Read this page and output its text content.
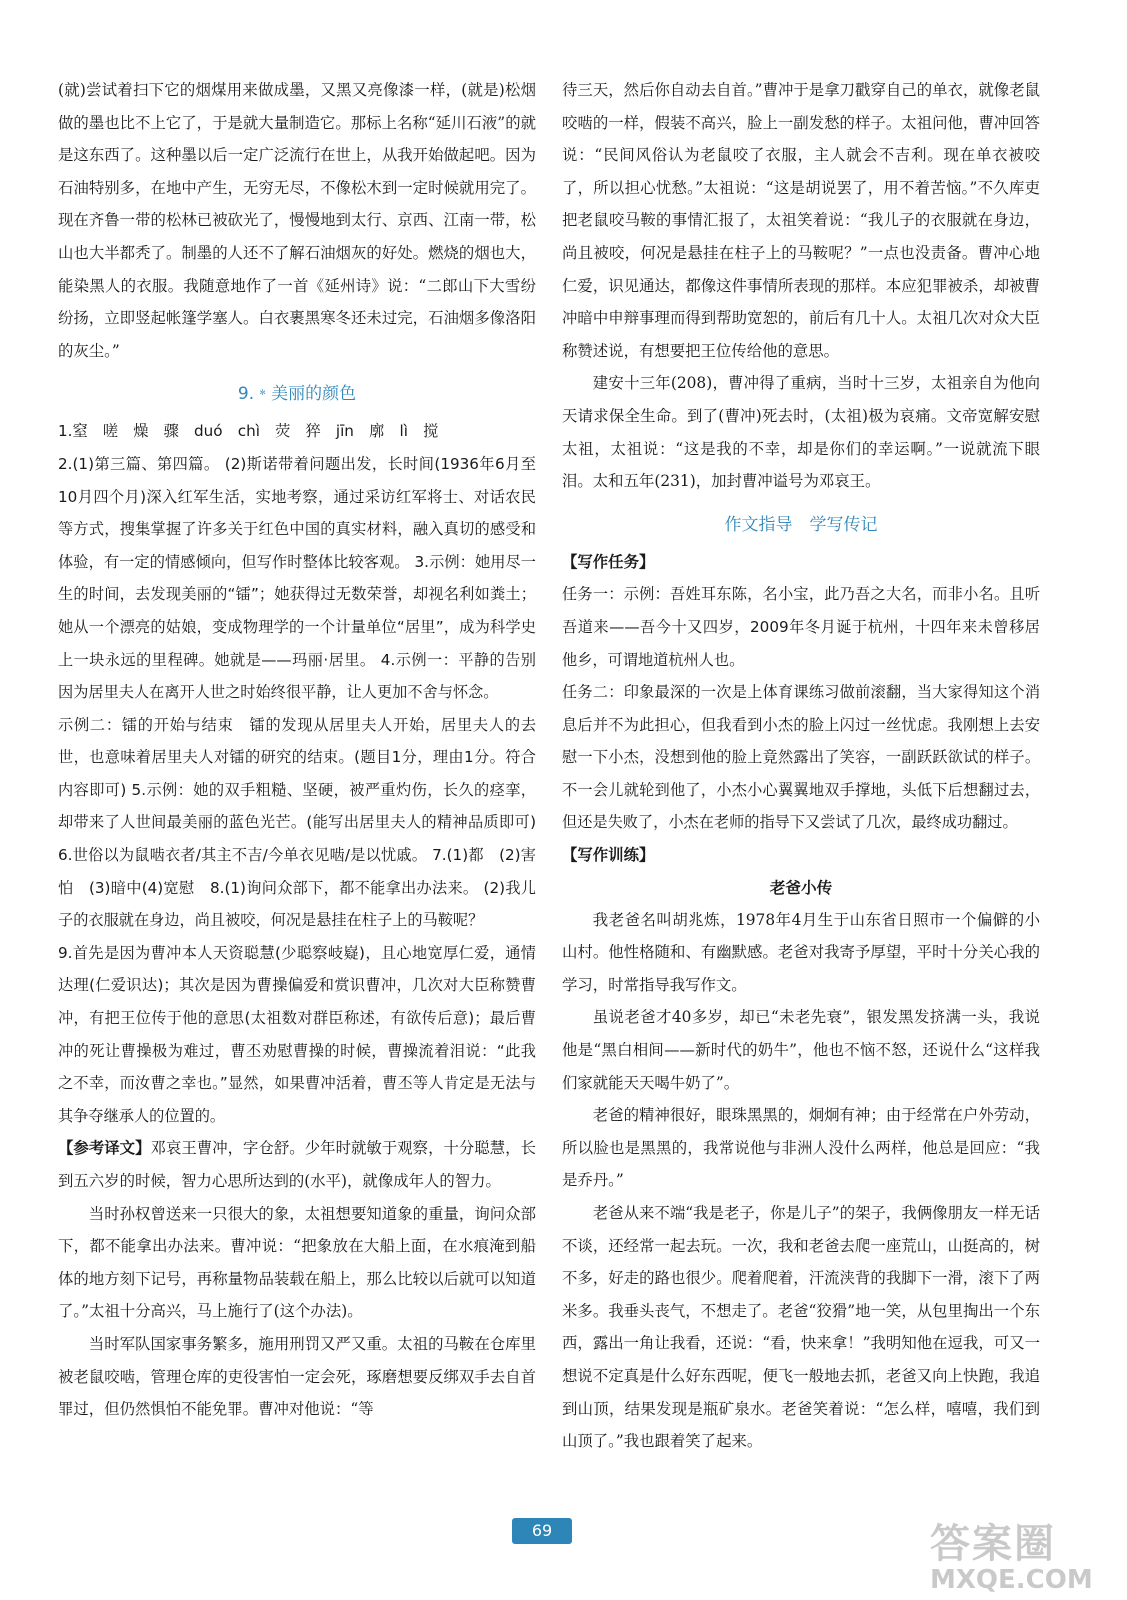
(就)尝试着扫下它的烟煤用来做成墨，又黑又亮像漆一样，(就是)松烟做的墨也比不上它了，于是就大量制造它。那标上名称“延川石液”的就是这东西了。这种墨以后一定广泛流行在世上，从我开始做起吧。因为石油特别多，在地中产生，无穷无尽，不像松木到一定时候就用完了。现在齐鲁一带的松林已被砍光了，慢慢地到太行、京西、江南一带，松山也大半都秃了。制墨的人还不了解石油烟灰的好处。燃烧的烟也大，能染黑人的衣服。我随意地作了一首《延州诗》说：“二郎山下大雪纷纷扬，立即竖起帐篷学塞人。白衣裹黑寒冬还未过完，石油烟多像洛阳的灰尘。”

9.﹡美丽的颜色

1.窒　嗟　燥　骤　duó　chì　荧　猝　jīn　廓　lì　搅

2.(1)第三篇、第四篇。 (2)斯诺带着问题出发，长时间(1936年6月至10月四个月)深入红军生活，实地考察，通过采访红军将士、对话农民等方式，搜集掌握了许多关于红色中国的真实材料，融入真切的感受和体验，有一定的情感倾向，但写作时整体比较客观。 3.示例：她用尽一生的时间，去发现美丽的“镭”；她获得过无数荣誉，却视名利如粪土；她从一个漂亮的姑娘，变成物理学的一个计量单位“居里”，成为科学史上一块永远的里程碑。她就是——玛丽·居里。 4.示例一：平静的告别　因为居里夫人在离开人世之时始终很平静，让人更加不舍与怀念。

示例二：镭的开始与结束　镭的发现从居里夫人开始，居里夫人的去世，也意味着居里夫人对镭的研究的结束。(题目1分，理由1分。符合内容即可) 5.示例：她的双手粗糙、坚硬，被严重灼伤，长久的痉挛，却带来了人世间最美丽的蓝色光芒。(能写出居里夫人的精神品质即可) 6.世俗以为鼠啮衣者/其主不吉/今单衣见啮/是以忧戚。 7.(1)都　(2)害怕　(3)暗中(4)宽慰　8.(1)询问众部下，都不能拿出办法来。 (2)我儿子的衣服就在身边，尚且被咬，何况是悬挂在柱子上的马鞍呢？

9.首先是因为曹冲本人天资聪慧(少聪察岐嶷)，且心地宽厚仁爱，通情达理(仁爱识达)；其次是因为曹操偏爱和赏识曹冲，几次对大臣称赞曹冲，有把王位传于他的意思(太祖数对群臣称述，有欲传后意)；最后曹冲的死让曹操极为难过，曹丕劝慰曹操的时候，曹操流着泪说：“此我之不幸，而汝曹之幸也。”显然，如果曹冲活着，曹丕等人肯定是无法与其争夺继承人的位置的。

【参考译文】邓哀王曹冲，字仓舒。少年时就敏于观察，十分聪慧，长到五六岁的时候，智力心思所达到的(水平)，就像成年人的智力。

当时孙权曾送来一只很大的象，太祖想要知道象的重量，询问众部下，都不能拿出办法来。曹冲说：“把象放在大船上面，在水痕淹到船体的地方刻下记号，再称量物品装载在船上，那么比较以后就可以知道了。”太祖十分高兴，马上施行了(这个办法)。

当时军队国家事务繁多，施用刑罚又严又重。太祖的马鞍在仓库里被老鼠咬啮，管理仓库的吏役害怕一定会死，琢磨想要反绑双手去自首罪过，但仍然惧怕不能免罪。曹冲对他说：“等

待三天，然后你自动去自首。”曹冲于是拿刀戳穿自己的单衣，就像老鼠咬啮的一样，假装不高兴，脸上一副发愁的样子。太祖问他，曹冲回答说：“民间风俗认为老鼠咬了衣服，主人就会不吉利。现在单衣被咬了，所以担心忧愁。”太祖说：“这是胡说罢了，用不着苦恼。”不久库吏把老鼠咬马鞍的事情汇报了，太祖笑着说：“我儿子的衣服就在身边，尚且被咬，何况是悬挂在柱子上的马鞍呢？”一点也没责备。曹冲心地仁爱，识见通达，都像这件事情所表现的那样。本应犯罪被杀，却被曹冲暗中申辩事理而得到帮助宽恕的，前后有几十人。太祖几次对众大臣称赞述说，有想要把王位传给他的意思。

建安十三年(208)，曹冲得了重病，当时十三岁，太祖亲自为他向天请求保全生命。到了(曹冲)死去时，(太祖)极为哀痛。文帝宽解安慰太祖，太祖说：“这是我的不幸，却是你们的幸运啊。”一说就流下眼泪。太和五年(231)，加封曹冲谥号为邓哀王。

作文指导　学写传记

【写作任务】

任务一：示例：吾姓耳东陈，名小宝，此乃吾之大名，而非小名。且听吾道来——吾今十又四岁，2009年冬月诞于杭州，十四年来未曾移居他乡，可谓地道杭州人也。

任务二：印象最深的一次是上体育课练习做前滚翻，当大家得知这个消息后并不为此担心，但我看到小杰的脸上闪过一丝忧虑。我刚想上去安慰一下小杰，没想到他的脸上竟然露出了笑容，一副跃跃欲试的样子。不一会儿就轮到他了，小杰小心翼翼地双手撑地，头低下后想翻过去，但还是失败了，小杰在老师的指导下又尝试了几次，最终成功翻过。

【写作训练】

老爸小传

我老爸名叫胡兆炼，1978年4月生于山东省日照市一个偏僻的小山村。他性格随和、有幽默感。老爸对我寄予厚望，平时十分关心我的学习，时常指导我写作文。

虽说老爸才40多岁，却已“未老先衰”，银发黑发挤满一头，我说他是“黑白相间——新时代的奶牛”，他也不恼不怒，还说什么“这样我们家就能天天喝牛奶了”。

老爸的精神很好，眼珠黑黑的，炯炯有神；由于经常在户外劳动，所以脸也是黑黑的，我常说他与非洲人没什么两样，他总是回应：“我是乔丹。”

老爸从来不端“我是老子，你是儿子”的架子，我俩像朋友一样无话不谈，还经常一起去玩。一次，我和老爸去爬一座荒山，山挺高的，树不多，好走的路也很少。爬着爬着，汗流浃背的我脚下一滑，滚下了两米多。我垂头丧气，不想走了。老爸“狡猾”地一笑，从包里掏出一个东西，露出一角让我看，还说：“看，快来拿！”我明知他在逗我，可又一想说不定真是什么好东西呢，便飞一般地去抓，老爸又向上快跑，我追到山顶，结果发现是瓶矿泉水。老爸笑着说：“怎么样，嘻嘻，我们到山顶了。”我也跟着笑了起来。

69	答案圈
MXQE.COM
